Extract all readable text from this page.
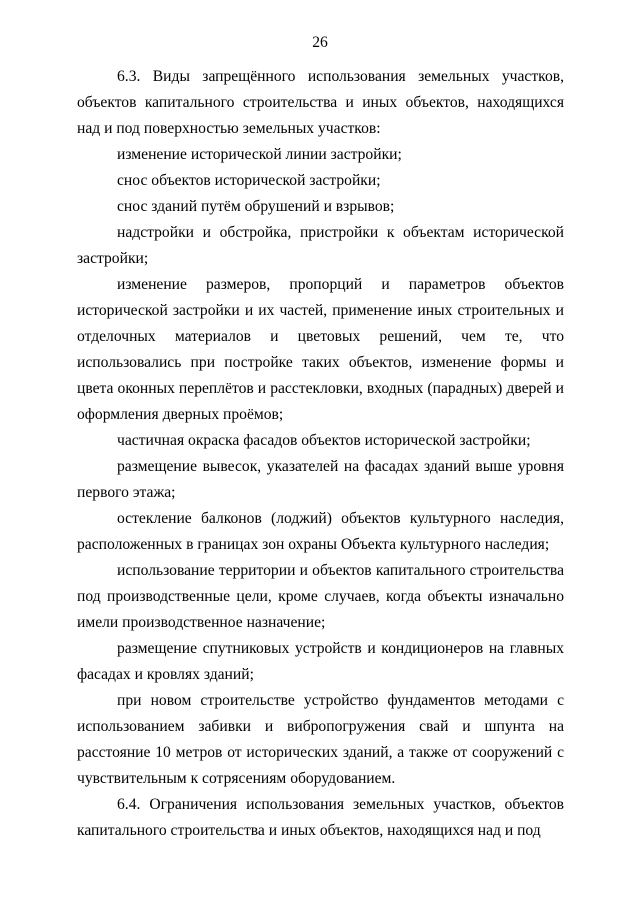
26

6.3. Виды запрещённого использования земельных участков, объектов капитального строительства и иных объектов, находящихся над и под поверхностью земельных участков:

изменение исторической линии застройки;

снос объектов исторической застройки;

снос зданий путём обрушений и взрывов;

надстройки и обстройка, пристройки к объектам исторической застройки;

изменение размеров, пропорций и параметров объектов исторической застройки и их частей, применение иных строительных и отделочных материалов и цветовых решений, чем те, что использовались при постройке таких объектов, изменение формы и цвета оконных переплётов и расстекловки, входных (парадных) дверей и оформления дверных проёмов;

частичная окраска фасадов объектов исторической застройки;

размещение вывесок, указателей на фасадах зданий выше уровня первого этажа;

остекление балконов (лоджий) объектов культурного наследия, расположенных в границах зон охраны Объекта культурного наследия;

использование территории и объектов капитального строительства под производственные цели, кроме случаев, когда объекты изначально имели производственное назначение;

размещение спутниковых устройств и кондиционеров на главных фасадах и кровлях зданий;

при новом строительстве устройство фундаментов методами с использованием забивки и вибропогружения свай и шпунта на расстояние 10 метров от исторических зданий, а также от сооружений с чувствительным к сотрясениям оборудованием.

6.4. Ограничения использования земельных участков, объектов капитального строительства и иных объектов, находящихся над и под
